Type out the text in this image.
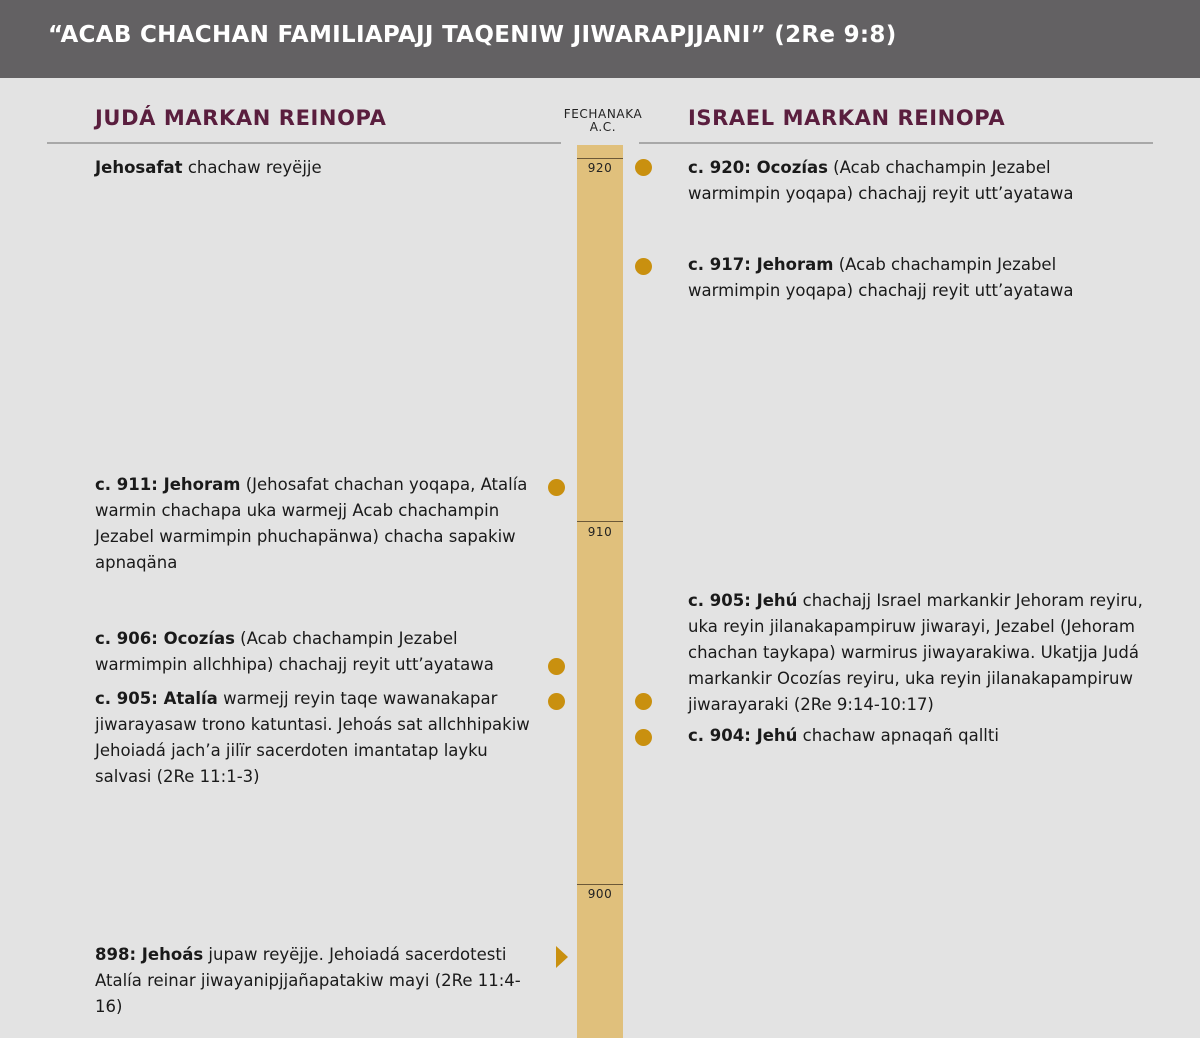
“ACAB CHACHAN FAMILIAPAJJ TAQENIW JIWARAPJJANI” (2Re 9:8)
JUDÁ MARKAN REINOPA	ISRAEL MARKAN REINOPA
FECHANAKA
A.C.
920
910
900
Jehosafat chachaw reyëjje
c. 911: Jehoram (Jehosafat chachan yoqapa, Atalía warmin chachapa uka warmejj Acab chachampin Jezabel warmimpin phuchapänwa) chacha sapakiw apnaqäna
c. 906: Ocozías (Acab chachampin Jezabel warmimpin allchhipa) chachajj reyit utt’ayatawa
c. 905: Atalía warmejj reyin taqe wawanakapar jiwarayasaw trono katuntasi. Jehoás sat allchhipakiw Jehoiadá jach’a jilïr sacerdoten imantatap layku salvasi (2Re 11:1-3)
898: Jehoás jupaw reyëjje. Jehoiadá sacerdotesti Atalía reinar jiwayanipjjañapatakiw mayi (2Re 11:4-16)
c. 920: Ocozías (Acab chachampin Jezabel warmimpin yoqapa) chachajj reyit utt’ayatawa
c. 917: Jehoram (Acab chachampin Jezabel warmimpin yoqapa) chachajj reyit utt’ayatawa
c. 905: Jehú chachajj Israel markankir Jehoram reyiru, uka reyin jilanakapampiruw jiwarayi, Jezabel (Jehoram chachan taykapa) warmirus jiwayarakiwa. Ukatjja Judá markankir Ocozías reyiru, uka reyin jilanakapampiruw jiwarayaraki (2Re 9:14-10:17)
c. 904: Jehú chachaw apnaqañ qallti
